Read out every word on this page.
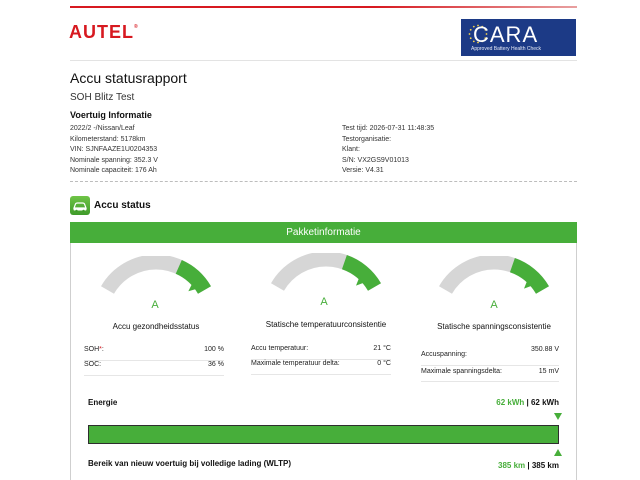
AUTEL®	CARA
Approved Battery Health Check
Accu statusrapport
SOH Blitz Test
Voertuig Informatie
2022/2 -/Nissan/Leaf
Kilometerstand: 5178km
VIN: SJNFAAZE1U0204353
Nominale spanning: 352.3 V
Nominale capaciteit: 176 Ah
Test tijd: 2026-07-31 11:48:35
Testorganisatie:
Klant:
S/N: VX2GS9V01013
Versie: V4.31
Accu status
Pakketinformatie
A
Accu gezondheidsstatus
SOH*:	100 %
SOC:	36 %
A
Statische temperatuurconsistentie
Accu temperatuur:	21 °C
Maximale temperatuur delta:	0 °C
A
Statische spanningsconsistentie
Accuspanning:
350.88 V
Maximale spanningsdelta:	15 mV
Energie	62 kWh | 62 kWh
Bereik van nieuw voertuig bij volledige lading (WLTP)	385 km | 385 km
